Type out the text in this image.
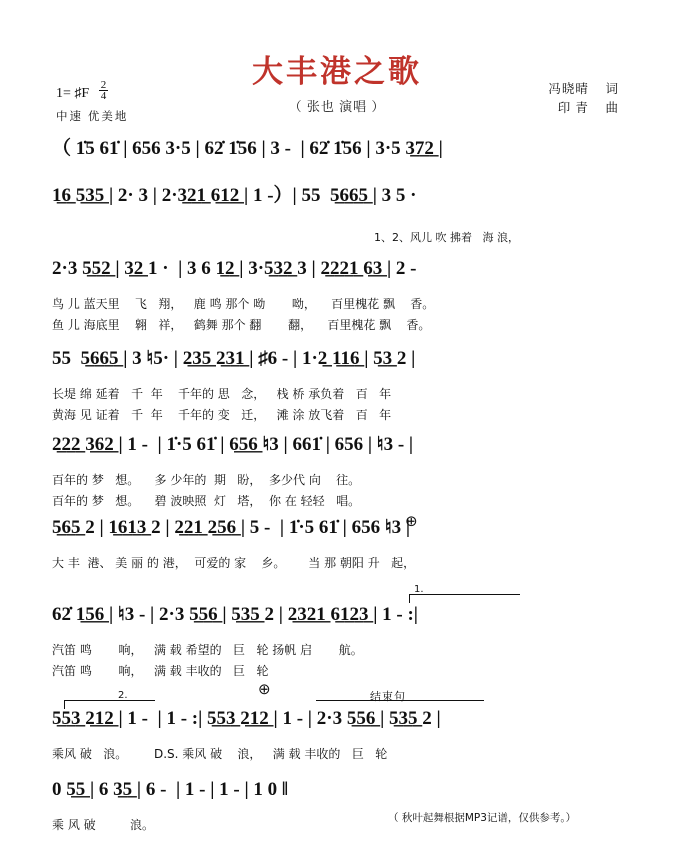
大丰港之歌
（ 张也 演唱 ）
1= ♯F $\frac{2}{4}$
中速 优美地
冯晓晴 词
印 青 曲
（ 1̇5 61̇ | 656 3·5 | 62̇ 1̇56 | 3 -  | 62̇ 1̇56 | 3·5 3̲7̲2̲ |
1̲6̲ 5̲3̲5̲ | 2· 3 | 2·3̲2̲1̲ 6̲1̲2̲ | 1 -）| 55  5̲6̲6̲5̲ | 3 5 ·
1、2、风儿 吹 拂着   海 浪，
2·3 5̲5̲2̲ | 3̲2̲ 1 ·  | 3 6 1̲2̲ | 3·5̲3̲2̲ 3 | 2̲2̲2̲1̲ 6̲3̲ | 2 -
鸟 儿 蓝天里    飞   翔，   鹿 鸣 那个 呦       呦，    百里槐花 飘    香。
鱼 儿 海底里    翱   祥，   鹤舞 那个 翻       翻，    百里槐花 飘    香。
55  5̲6̲6̲5̲ | 3 ♮5· | 2̲3̲5̲ 2̲3̲1̲ | ♯6 - | 1·2̲ 1̲1̲6̲ | 5̲3̲ 2 |
长堤 绵 延着   千  年    千年的 思   念，   栈 桥 承负着   百   年
黄海 见 证着   千  年    千年的 变   迁，   滩 涂 放飞着   百   年
2̲2̲2̲ 3̲6̲2̲ | 1 -  | 1̇·5 61̇ | 6̲5̲6̲ ♮3 | 661̇ | 656 | ♮3 - |
百年的 梦   想。    多 少年的  期   盼，  多少代 向    往。
百年的 梦   想。    碧 波映照  灯   塔，  你 在 轻轻   唱。
5̲6̲5̲ 2 | 1̲6̲1̲3̲ 2 | 2̲2̲1̲ 2̲5̲6̲ | 5 -  | 1̇·5 61̇ | 656 ♮3 |
大 丰  港、 美 丽 的 港，  可爱的 家    乡。      当 那 朝阳 升   起，
⊕
1.
62̇ 1̲5̲6̲ | ♮3 - | 2·3 5̲5̲6̲ | 5̲3̲5̲ 2 | 2̲3̲2̲1̲ 6̲1̲2̲3̲ | 1 - :|
汽笛 鸣       响，   满 载 希望的   巨   轮 扬帆 启       航。
汽笛 鸣       响，   满 载 丰收的   巨   轮
2.	⊕	结束句
5̲5̲3̲ 2̲1̲2̲ | 1 -  | 1 - :| 5̲5̲3̲ 2̲1̲2̲ | 1 - | 2·3 5̲5̲6̲ | 5̲3̲5̲ 2 |
乘风 破   浪。       D.S. 乘风 破    浪，   满 载 丰收的   巨   轮
0 5̲5̲ | 6 3̲5̲ | 6 -  | 1 - | 1 - | 1 0 ‖
乘 风 破         浪。	（ 秋叶起舞根据MP3记谱，仅供参考。）
